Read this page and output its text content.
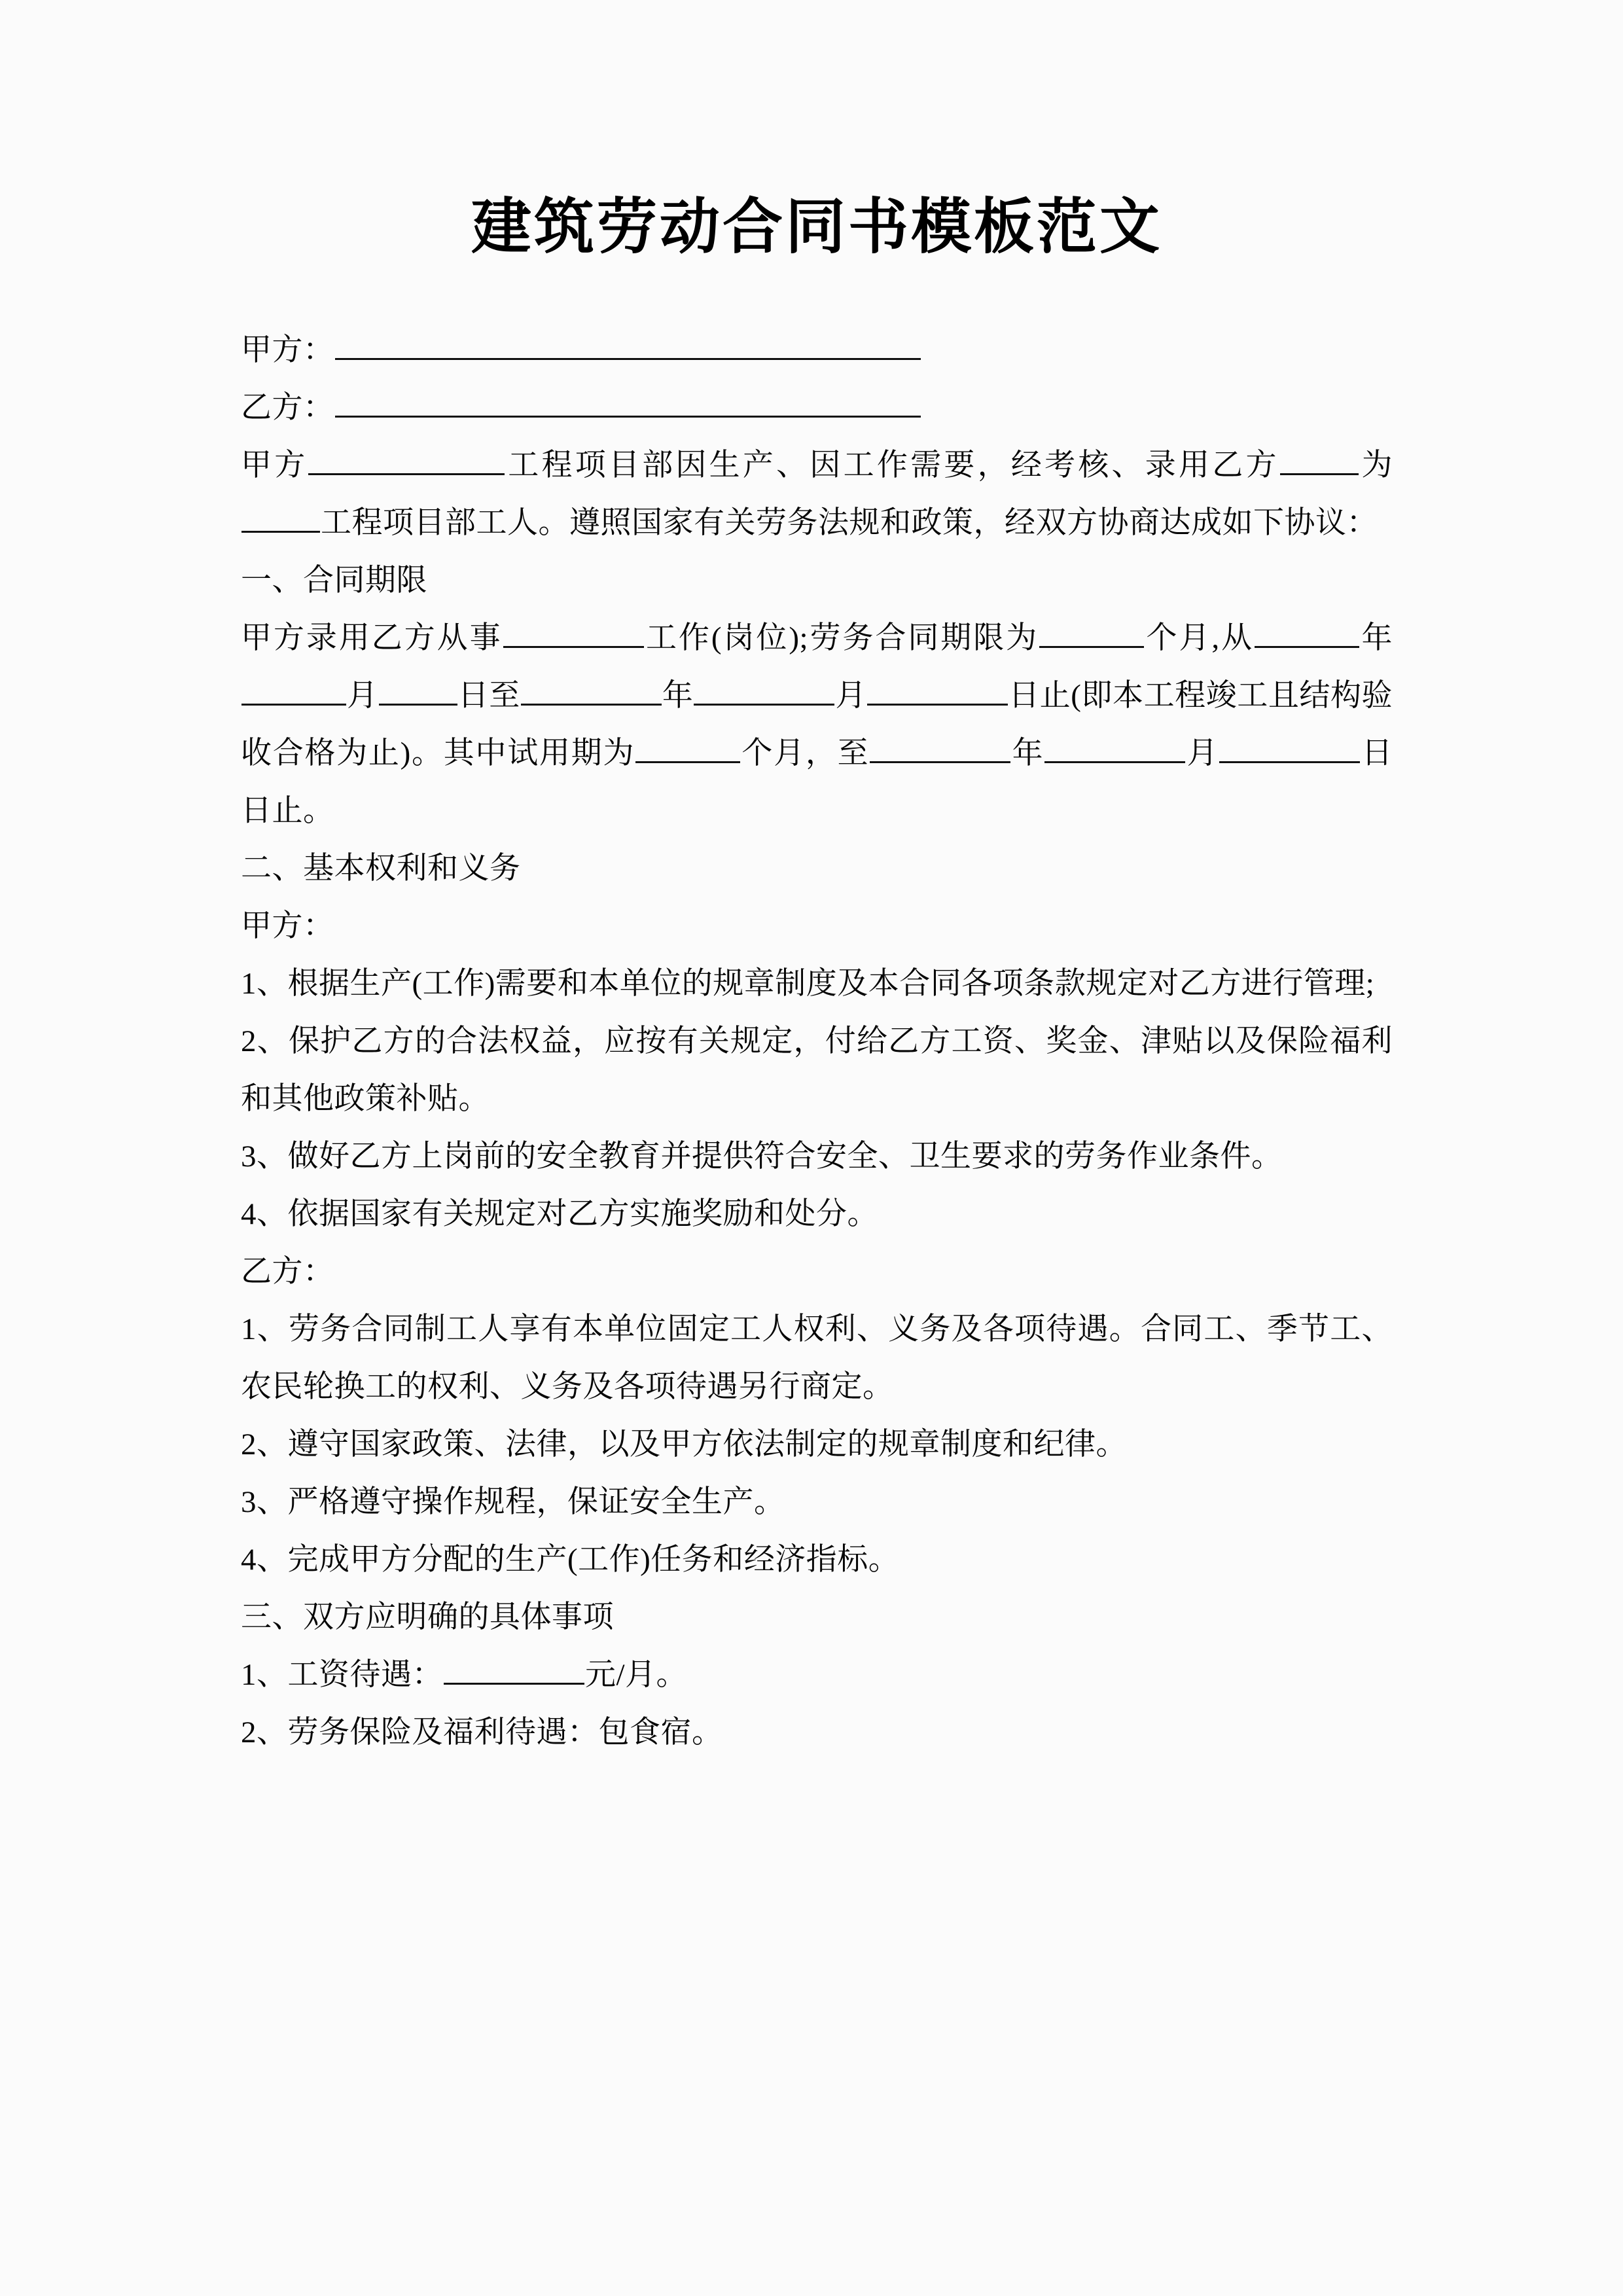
建筑劳动合同书模板范文

甲方：

乙方：

甲方	工程项目部因生产、因工作需要，经考核、录用乙方	为工程项目部工人。遵照国家有关劳务法规和政策，经双方协商达成如下协议：

一、合同期限

甲方录用乙方从事	工作(岗位);劳务合同期限为	个月,从	年月	日至	年	月	日止(即本工程竣工且结构验收合格为止)。其中试用期为	个月，至	年	月	日日止。

二、基本权利和义务

甲方：

1、根据生产(工作)需要和本单位的规章制度及本合同各项条款规定对乙方进行管理;

2、保护乙方的合法权益，应按有关规定，付给乙方工资、奖金、津贴以及保险福利和其他政策补贴。

3、做好乙方上岗前的安全教育并提供符合安全、卫生要求的劳务作业条件。

4、依据国家有关规定对乙方实施奖励和处分。

乙方：

1、劳务合同制工人享有本单位固定工人权利、义务及各项待遇。合同工、季节工、农民轮换工的权利、义务及各项待遇另行商定。

2、遵守国家政策、法律，以及甲方依法制定的规章制度和纪律。

3、严格遵守操作规程，保证安全生产。

4、完成甲方分配的生产(工作)任务和经济指标。

三、双方应明确的具体事项

1、工资待遇：	元/月。

2、劳务保险及福利待遇：包食宿。
